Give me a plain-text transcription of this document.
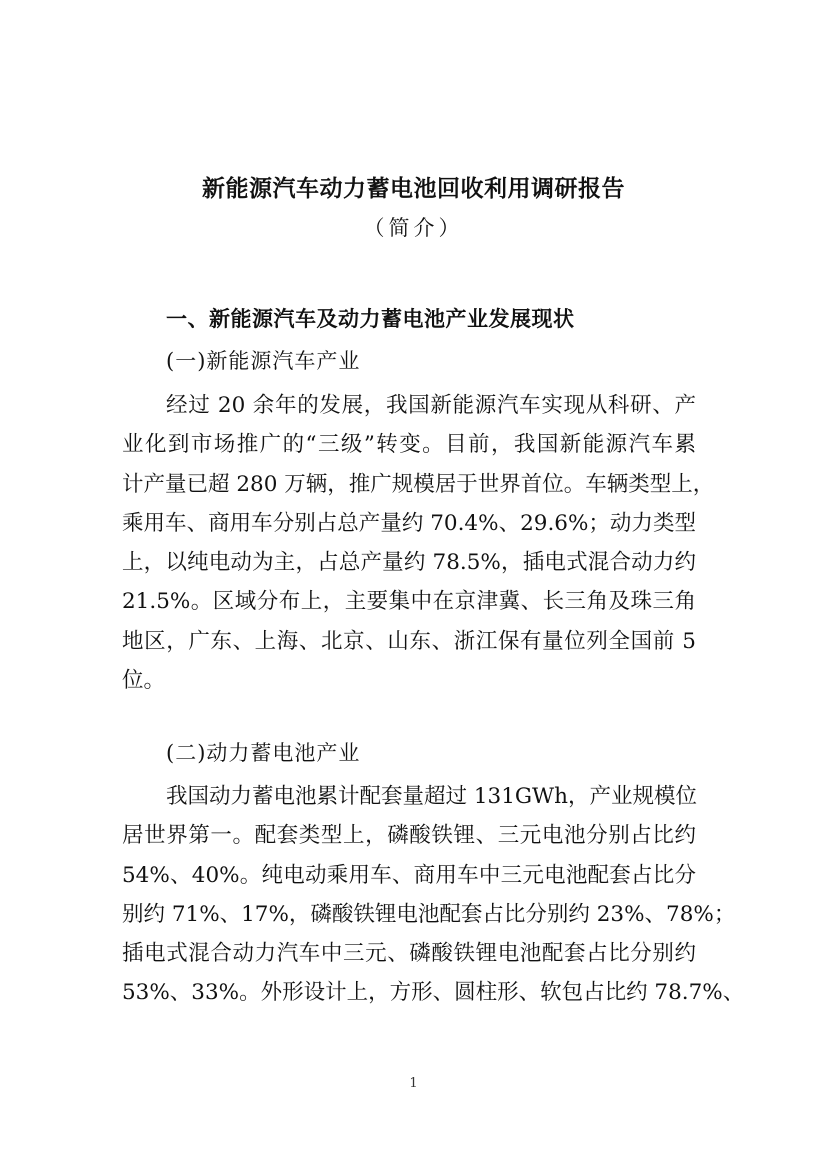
新能源汽车动力蓄电池回收利用调研报告
（简介）
一、新能源汽车及动力蓄电池产业发展现状
(一)新能源汽车产业
经过 20 余年的发展，我国新能源汽车实现从科研、产
业化到市场推广的“三级”转变。目前，我国新能源汽车累
计产量已超 280 万辆，推广规模居于世界首位。车辆类型上，
乘用车、商用车分别占总产量约 70.4%、29.6%；动力类型
上，以纯电动为主，占总产量约 78.5%，插电式混合动力约
21.5%。区域分布上，主要集中在京津冀、长三角及珠三角
地区，广东、上海、北京、山东、浙江保有量位列全国前 5
位。
(二)动力蓄电池产业
我国动力蓄电池累计配套量超过 131GWh，产业规模位
居世界第一。配套类型上，磷酸铁锂、三元电池分别占比约
54%、40%。纯电动乘用车、商用车中三元电池配套占比分
别约 71%、17%，磷酸铁锂电池配套占比分别约 23%、78%；
插电式混合动力汽车中三元、磷酸铁锂电池配套占比分别约
53%、33%。外形设计上，方形、圆柱形、软包占比约 78.7%、
1
